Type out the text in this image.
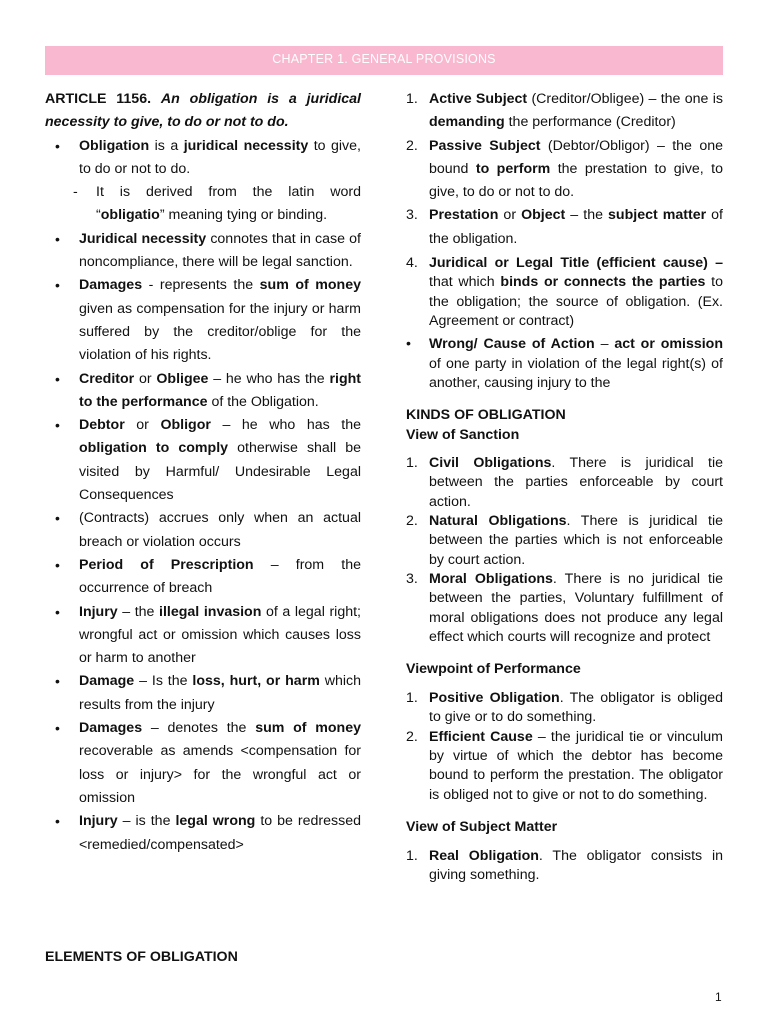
CHAPTER 1. GENERAL PROVISIONS

ARTICLE 1156. An obligation is a juridical necessity to give, to do or not to do.

• Obligation is a juridical necessity to give, to do or not to do.
- It is derived from the latin word “obligatio” meaning tying or binding.
• Juridical necessity connotes that in case of noncompliance, there will be legal sanction.
• Damages - represents the sum of money given as compensation for the injury or harm suffered by the creditor/oblige for the violation of his rights.
• Creditor or Obligee – he who has the right to the performance of the Obligation.
• Debtor or Obligor – he who has the obligation to comply otherwise shall be visited by Harmful/ Undesirable Legal Consequences
• (Contracts) accrues only when an actual breach or violation occurs
• Period of Prescription – from the occurrence of breach
• Injury – the illegal invasion of a legal right; wrongful act or omission which causes loss or harm to another
• Damage – Is the loss, hurt, or harm which results from the injury
• Damages – denotes the sum of money recoverable as amends <compensation for loss or injury> for the wrongful act or omission
• Injury – is the legal wrong to be redressed <remedied/compensated>
ELEMENTS OF OBLIGATION
1. Active Subject (Creditor/Obligee) – the one is demanding the performance (Creditor)
2. Passive Subject (Debtor/Obligor) – the one bound to perform the prestation to give, to give, to do or not to do.
3. Prestation or Object – the subject matter of the obligation.
4. Juridical or Legal Title (efficient cause) – that which binds or connects the parties to the obligation; the source of obligation. (Ex. Agreement or contract)
• Wrong/ Cause of Action – act or omission of one party in violation of the legal right(s) of another, causing injury to the
KINDS OF OBLIGATION
View of Sanction
1. Civil Obligations. There is juridical tie between the parties enforceable by court action.
2. Natural Obligations. There is juridical tie between the parties which is not enforceable by court action.
3. Moral Obligations. There is no juridical tie between the parties, Voluntary fulfillment of moral obligations does not produce any legal effect which courts will recognize and protect
Viewpoint of Performance
1. Positive Obligation. The obligator is obliged to give or to do something.
2. Efficient Cause – the juridical tie or vinculum by virtue of which the debtor has become bound to perform the prestation. The obligator is obliged not to give or not to do something.
View of Subject Matter
1. Real Obligation. The obligator consists in giving something.
1
